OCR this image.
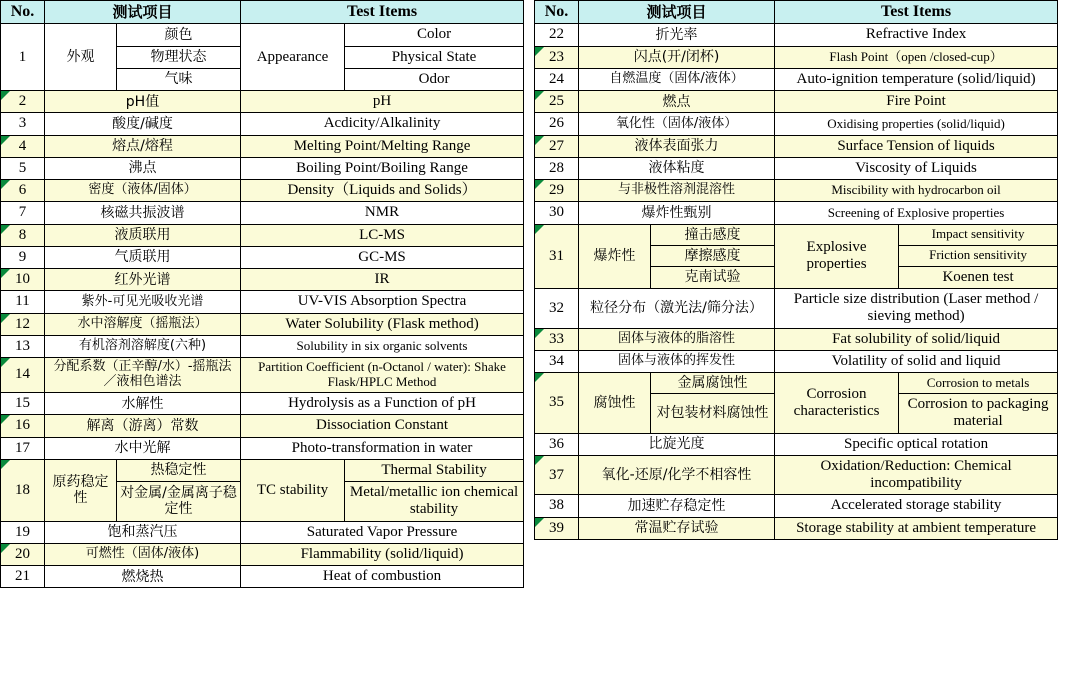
No.	测试项目		Test Items	
1	外观	颜色	Appearance	Color
		物理状态		Physical State
		气味		Odor
2	pH值		pH	
3	酸度/碱度		Acdicity/Alkalinity	
4	熔点/熔程		Melting Point/Melting Range	
5	沸点		Boiling Point/Boiling Range	
6	密度（液体/固体）		Density（Liquids and Solids）	
7	核磁共振波谱		NMR	
8	液质联用		LC-MS	
9	气质联用		GC-MS	
10	红外光谱		IR	
11	紫外-可见光吸收光谱		UV-VIS Absorption Spectra	
12	水中溶解度（摇瓶法）		Water Solubility (Flask method)	
13	有机溶剂溶解度(六种)		Solubility in six organic solvents	
14	分配系数（正辛醇/水）-摇瓶法／液相色谱法		Partition Coefficient (n-Octanol / water): Shake Flask/HPLC Method	
15	水解性		Hydrolysis as a Function of pH	
16	解离（游离）常数		Dissociation Constant	
17	水中光解		Photo-transformation in water	
18	原药稳定性	热稳定性	TC stability	Thermal Stability
		对金属/金属离子稳定性		Metal/metallic ion chemical stability
19	饱和蒸汽压		Saturated Vapor Pressure	
20	可燃性（固体/液体)		Flammability (solid/liquid)	
21	燃烧热		Heat of combustion	
No.	测试项目		Test Items	
22	折光率		Refractive Index	
23	闪点(开/闭杯)		Flash Point（open /closed-cup）	
24	自燃温度（固体/液体）		Auto-ignition temperature (solid/liquid)	
25	燃点		Fire Point	
26	氧化性（固体/液体）		Oxidising properties (solid/liquid)	
27	液体表面张力		Surface Tension of liquids	
28	液体粘度		Viscosity of Liquids	
29	与非极性溶剂混溶性		Miscibility with hydrocarbon oil	
30	爆炸性甄别		Screening of Explosive properties	
31	爆炸性	撞击感度	Explosive properties	Impact sensitivity
		摩擦感度		Friction sensitivity
		克南试验		Koenen test
32	粒径分布（激光法/筛分法）		Particle size distribution (Laser method / sieving method)	
33	固体与液体的脂溶性		Fat solubility of solid/liquid	
34	固体与液体的挥发性		Volatility of solid and liquid	
35	腐蚀性	金属腐蚀性	Corrosion characteristics	Corrosion to metals
		对包装材料腐蚀性		Corrosion to packaging material
36	比旋光度		Specific optical rotation	
37	氧化-还原/化学不相容性		Oxidation/Reduction: Chemical incompatibility	
38	加速贮存稳定性		Accelerated storage stability	
39	常温贮存试验		Storage stability at ambient temperature	
